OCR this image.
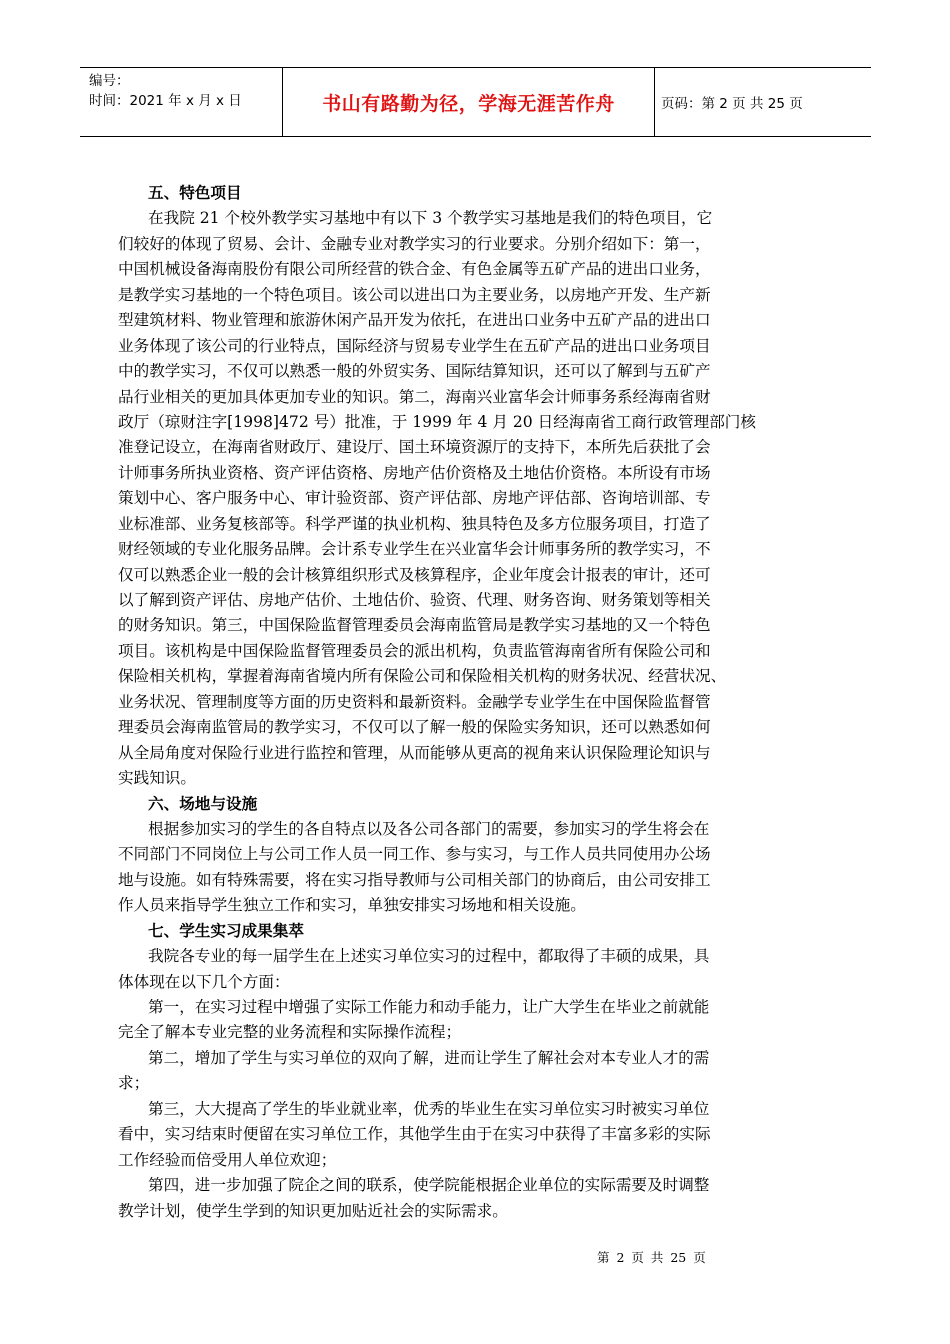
编号：
时间：2021 年 x 月 x 日	书山有路勤为径，学海无涯苦作舟	页码：第 2 页 共 25 页
五、特色项目
在我院 21 个校外教学实习基地中有以下 3 个教学实习基地是我们的特色项目，它
们较好的体现了贸易、会计、金融专业对教学实习的行业要求。分别介绍如下：第一，
中国机械设备海南股份有限公司所经营的铁合金、有色金属等五矿产品的进出口业务，
是教学实习基地的一个特色项目。该公司以进出口为主要业务，以房地产开发、生产新
型建筑材料、物业管理和旅游休闲产品开发为依托，在进出口业务中五矿产品的进出口
业务体现了该公司的行业特点，国际经济与贸易专业学生在五矿产品的进出口业务项目
中的教学实习，不仅可以熟悉一般的外贸实务、国际结算知识，还可以了解到与五矿产
品行业相关的更加具体更加专业的知识。第二，海南兴业富华会计师事务系经海南省财
政厅（琼财注字[1998]472 号）批准，于 1999 年 4 月 20 日经海南省工商行政管理部门核
准登记设立，在海南省财政厅、建设厅、国土环境资源厅的支持下，本所先后获批了会
计师事务所执业资格、资产评估资格、房地产估价资格及土地估价资格。本所设有市场
策划中心、客户服务中心、审计验资部、资产评估部、房地产评估部、咨询培训部、专
业标准部、业务复核部等。科学严谨的执业机构、独具特色及多方位服务项目，打造了
财经领域的专业化服务品牌。会计系专业学生在兴业富华会计师事务所的教学实习，不
仅可以熟悉企业一般的会计核算组织形式及核算程序，企业年度会计报表的审计，还可
以了解到资产评估、房地产估价、土地估价、验资、代理、财务咨询、财务策划等相关
的财务知识。第三，中国保险监督管理委员会海南监管局是教学实习基地的又一个特色
项目。该机构是中国保险监督管理委员会的派出机构，负责监管海南省所有保险公司和
保险相关机构，掌握着海南省境内所有保险公司和保险相关机构的财务状况、经营状况、
业务状况、管理制度等方面的历史资料和最新资料。金融学专业学生在中国保险监督管
理委员会海南监管局的教学实习，不仅可以了解一般的保险实务知识，还可以熟悉如何
从全局角度对保险行业进行监控和管理，从而能够从更高的视角来认识保险理论知识与
实践知识。
六、场地与设施
根据参加实习的学生的各自特点以及各公司各部门的需要，参加实习的学生将会在
不同部门不同岗位上与公司工作人员一同工作、参与实习，与工作人员共同使用办公场
地与设施。如有特殊需要，将在实习指导教师与公司相关部门的协商后，由公司安排工
作人员来指导学生独立工作和实习，单独安排实习场地和相关设施。
七、学生实习成果集萃
我院各专业的每一届学生在上述实习单位实习的过程中，都取得了丰硕的成果，具
体体现在以下几个方面：
第一，在实习过程中增强了实际工作能力和动手能力，让广大学生在毕业之前就能
完全了解本专业完整的业务流程和实际操作流程；
第二，增加了学生与实习单位的双向了解，进而让学生了解社会对本专业人才的需
求；
第三，大大提高了学生的毕业就业率，优秀的毕业生在实习单位实习时被实习单位
看中，实习结束时便留在实习单位工作，其他学生由于在实习中获得了丰富多彩的实际
工作经验而倍受用人单位欢迎；
第四，进一步加强了院企之间的联系，使学院能根据企业单位的实际需要及时调整
教学计划，使学生学到的知识更加贴近社会的实际需求。
第 2 页 共 25 页
